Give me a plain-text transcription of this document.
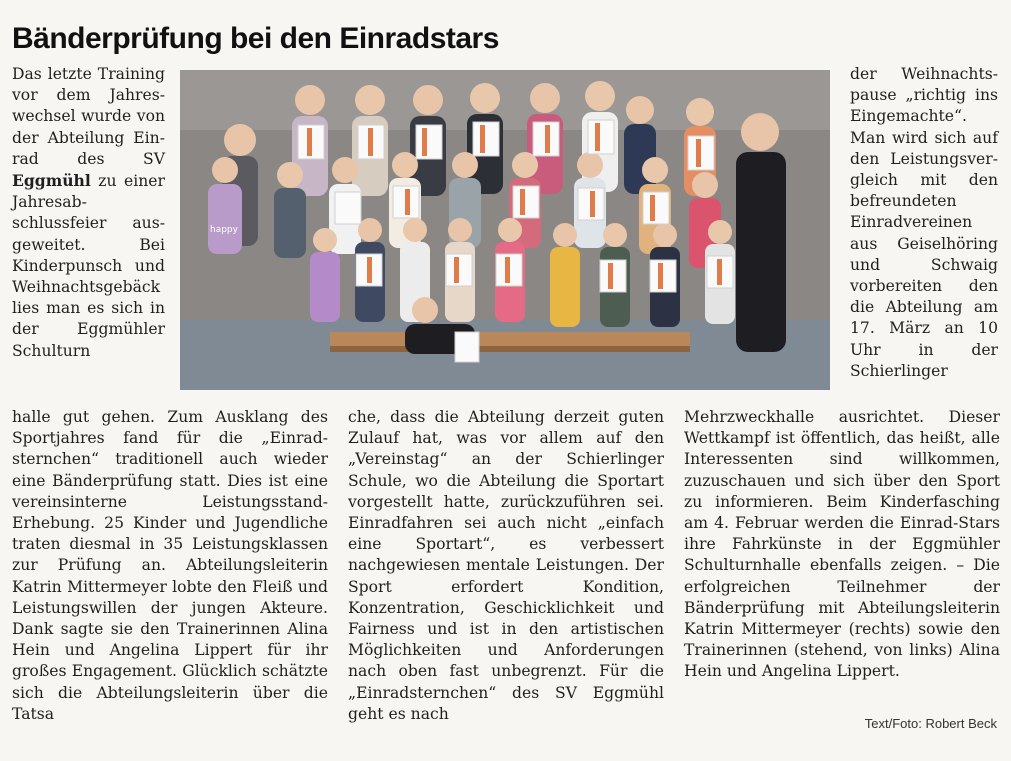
Bänderprüfung bei den Einradstars

Das letzte Training vor dem Jahreswechsel wurde von der Abteilung Einrad des SV Eggmühl zu einer Jahresabschlussfeier ausgeweitet. Bei Kinderpunsch und Weihnachtsgebäck lies man es sich in der Eggmühler Schulturn

happy

der Weihnachtspause „richtig ins Eingemachte“. Man wird sich auf den Leistungsvergleich mit den befreundeten Einradvereinen aus Geiselhöring und Schwaig vorbereiten den die Abteilung am 17. März an 10 Uhr in der Schierlinger

halle gut gehen. Zum Ausklang des Sportjahres fand für die „Einradsternchen“ traditionell auch wieder eine Bänderprüfung statt. Dies ist eine vereinsinterne Leistungsstand-Erhebung. 25 Kinder und Jugendliche traten diesmal in 35 Leistungsklassen zur Prüfung an. Abteilungsleiterin Katrin Mittermeyer lobte den Fleiß und Leistungswillen der jungen Akteure. Dank sagte sie den Trainerinnen Alina Hein und Angelina Lippert für ihr großes Engagement. Glücklich schätzte sich die Abteilungsleiterin über die Tatsa

che, dass die Abteilung derzeit guten Zulauf hat, was vor allem auf den „Vereinstag“ an der Schierlinger Schule, wo die Abteilung die Sportart vorgestellt hatte, zurückzuführen sei. Einradfahren sei auch nicht „einfach eine Sportart“, es verbessert nachgewiesen mentale Leistungen. Der Sport erfordert Kondition, Konzentration, Geschicklichkeit und Fairness und ist in den artistischen Möglichkeiten und Anforderungen nach oben fast unbegrenzt. Für die „Einradsternchen“ des SV Eggmühl geht es nach

Mehrzweckhalle ausrichtet. Dieser Wettkampf ist öffentlich, das heißt, alle Interessenten sind willkommen, zuzuschauen und sich über den Sport zu informieren. Beim Kinderfasching am 4. Februar werden die Einrad-Stars ihre Fahrkünste in der Eggmühler Schulturnhalle ebenfalls zeigen. – Die erfolgreichen Teilnehmer der Bänderprüfung mit Abteilungsleiterin Katrin Mittermeyer (rechts) sowie den Trainerinnen (stehend, von links) Alina Hein und Angelina Lippert.

Text/Foto: Robert Beck
